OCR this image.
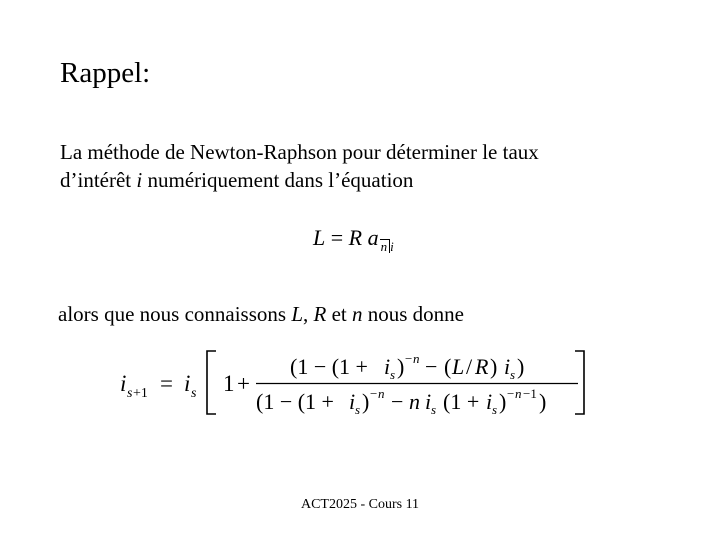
Rappel:
La méthode de Newton-Raphson pour déterminer le taux
d’intérêt i numériquement dans l’équation
L = R a n i
alors que nous connaissons L, R et n nous donne
i s +1 = i s 1 +
(1 − (1 + i s ) − n − ( L / R ) i s )
(1 − (1 + i s ) − n − n i s (1 + i s ) − n −1 )
ACT2025 - Cours 11
